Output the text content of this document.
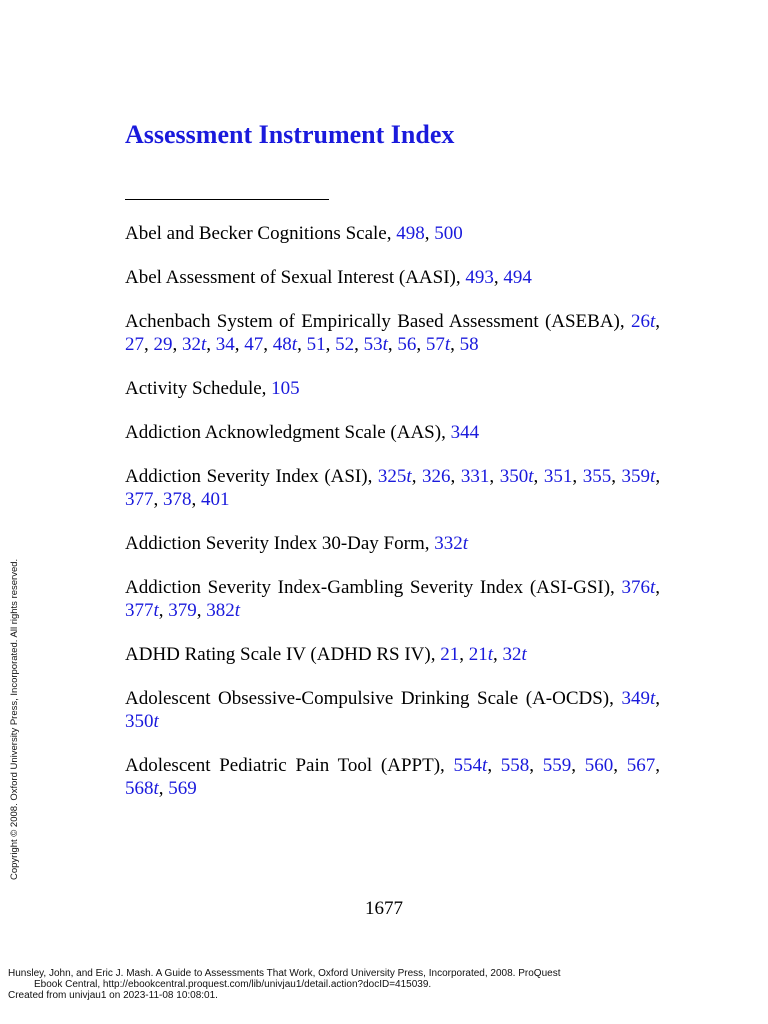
Assessment Instrument Index
Abel and Becker Cognitions Scale, 498, 500
Abel Assessment of Sexual Interest (AASI), 493, 494
Achenbach System of Empirically Based Assessment (ASEBA), 26t, 27, 29, 32t, 34, 47, 48t, 51, 52, 53t, 56, 57t, 58
Activity Schedule, 105
Addiction Acknowledgment Scale (AAS), 344
Addiction Severity Index (ASI), 325t, 326, 331, 350t, 351, 355, 359t, 377, 378, 401
Addiction Severity Index 30-Day Form, 332t
Addiction Severity Index-Gambling Severity Index (ASI-GSI), 376t, 377t, 379, 382t
ADHD Rating Scale IV (ADHD RS IV), 21, 21t, 32t
Adolescent Obsessive-Compulsive Drinking Scale (A-OCDS), 349t, 350t
Adolescent Pediatric Pain Tool (APPT), 554t, 558, 559, 560, 567, 568t, 569
1677
Copyright © 2008. Oxford University Press, Incorporated. All rights reserved.
Hunsley, John, and Eric J. Mash. A Guide to Assessments That Work, Oxford University Press, Incorporated, 2008. ProQuest
Ebook Central, http://ebookcentral.proquest.com/lib/univjau1/detail.action?docID=415039.
Created from univjau1 on 2023-11-08 10:08:01.
